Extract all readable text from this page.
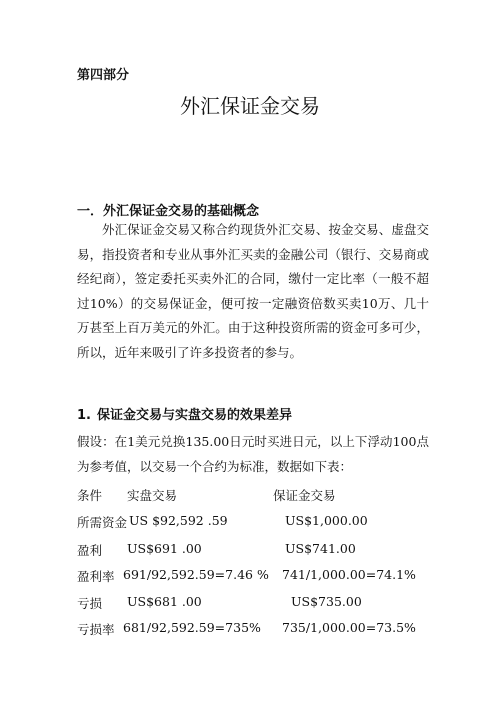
第四部分
外汇保证金交易
一．外汇保证金交易的基础概念
外汇保证金交易又称合约现货外汇交易、按金交易、虚盘交易，指投资者和专业从事外汇买卖的金融公司（银行、交易商或经纪商），签定委托买卖外汇的合同，缴付一定比率（一般不超过10%）的交易保证金，便可按一定融资倍数买卖10万、几十万甚至上百万美元的外汇。由于这种投资所需的资金可多可少，所以，近年来吸引了许多投资者的参与。
1. 保证金交易与实盘交易的效果差异
假设：在1美元兑换135.00日元时买进日元，以上下浮动100点为参考值，以交易一个合约为标准，数据如下表：
条件 实盘交易	保证金交易
所需资金 US $92,592 .59	US$1,000.00
盈利 US$691 .00	US$741.00
盈利率 691/92,592.59=7.46 % 741/1,000.00=74.1%
亏损 US$681 .00	US$735.00
亏损率 681/92,592.59=735% 735/1,000.00=73.5%
